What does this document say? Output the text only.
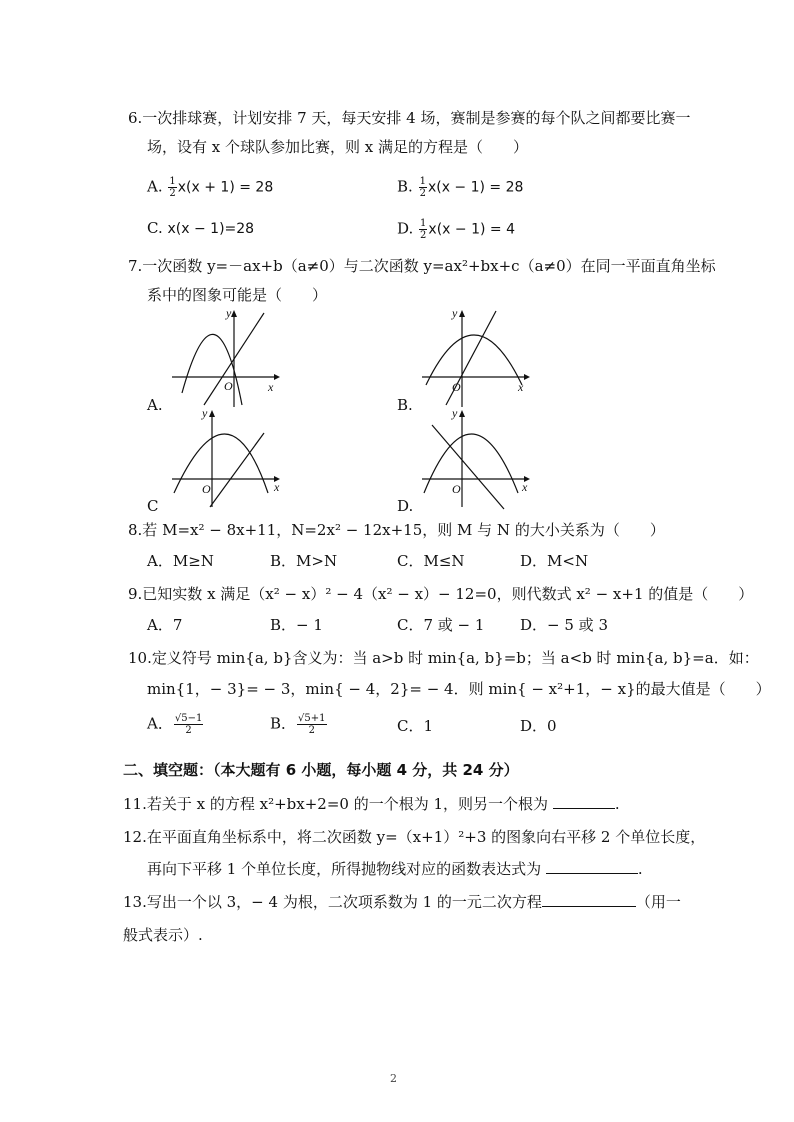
6.一次排球赛，计划安排 7 天，每天安排 4 场，赛制是参赛的每个队之间都要比赛一
场，设有 x 个球队参加比赛，则 x 满足的方程是（　　）
A. $\frac{1}{2} x(x + 1) = 28$	B. $\frac{1}{2} x(x - 1) = 28$
C. x(x − 1)=28	D. $\frac{1}{2} x(x - 1) = 4$
7.一次函数 y=－ax+b（a≠0）与二次函数 y=ax²+bx+c（a≠0）在同一平面直角坐标
系中的图象可能是（　　）
A.
y
x
O
B.
y
x
O
C
y
x
O
D.
y
x
O
8.若 M=x² − 8x+11，N=2x² − 12x+15，则 M 与 N 的大小关系为（　　）
A．M≥N	B．M>N	C．M≤N	D．M<N
9.已知实数 x 满足（x² − x）² − 4（x² − x）− 12=0，则代数式 x² − x+1 的值是（　　）
A．7	B．− 1	C．7 或 − 1 D．− 5 或 3
10.定义符号 min{a, b}含义为：当 a>b 时 min{a, b}=b；当 a<b 时 min{a, b}=a．如：
min{1，− 3}= − 3，min{ − 4，2}= − 4．则 min{ − x²+1，− x}的最大值是（　　）
A． $\frac{√5-1}{2}$	B． $\frac{√5+1}{2}$	C．1	D．0
二、填空题：（本大题有 6 小题，每小题 4 分，共 24 分）
11.若关于 x 的方程 x²+bx+2=0 的一个根为 1，则另一个根为	.
12.在平面直角坐标系中，将二次函数 y=（x+1）²+3 的图象向右平移 2 个单位长度，
再向下平移 1 个单位长度，所得抛物线对应的函数表达式为	.
13.写出一个以 3，− 4 为根，二次项系数为 1 的一元二次方程	（用一
般式表示）.
2
